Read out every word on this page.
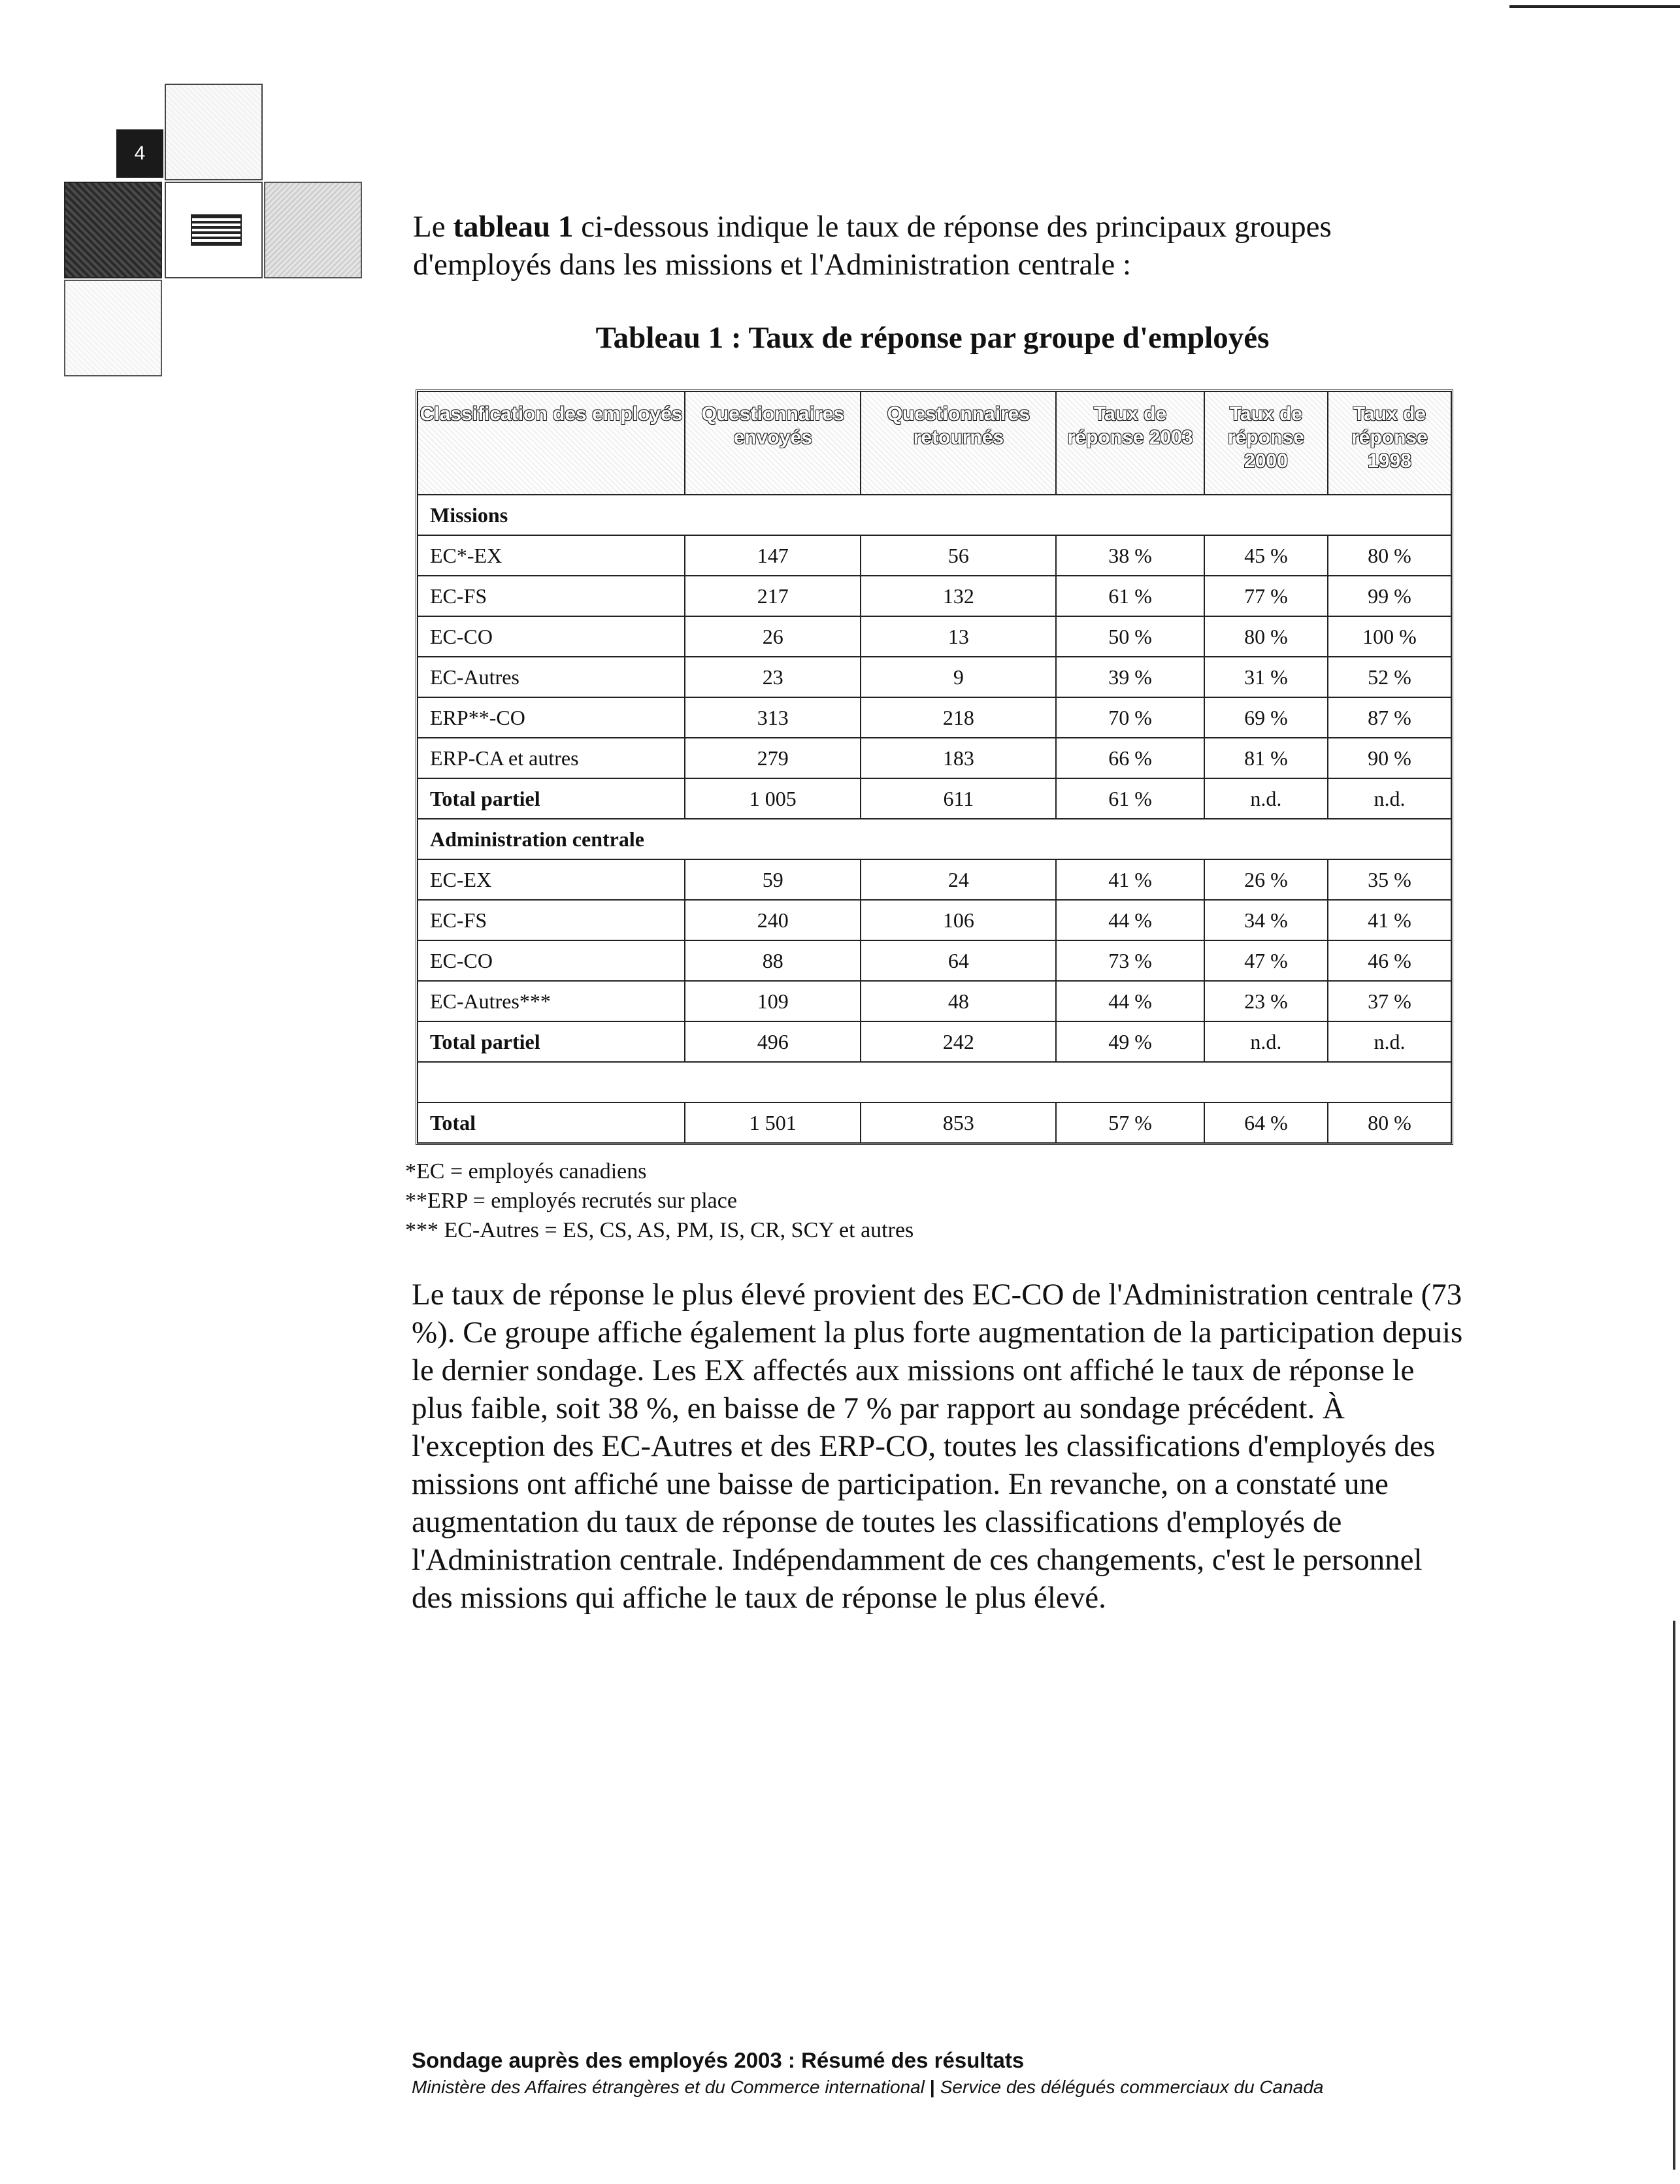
4

Le tableau 1 ci-dessous indique le taux de réponse des principaux groupes d'employés dans les missions et l'Administration centrale :

Tableau 1 : Taux de réponse par groupe d'employés

Classification des employés	Questionnaires envoyés	Questionnaires retournés	Taux de réponse 2003	Taux de réponse 2000	Taux de réponse 1998
Missions					
EC*-EX	147	56	38 %	45 %	80 %
EC-FS	217	132	61 %	77 %	99 %
EC-CO	26	13	50 %	80 %	100 %
EC-Autres	23	9	39 %	31 %	52 %
ERP**-CO	313	218	70 %	69 %	87 %
ERP-CA et autres	279	183	66 %	81 %	90 %
Total partiel	1 005	611	61 %	n.d.	n.d.
Administration centrale					
EC-EX	59	24	41 %	26 %	35 %
EC-FS	240	106	44 %	34 %	41 %
EC-CO	88	64	73 %	47 %	46 %
EC-Autres***	109	48	44 %	23 %	37 %
Total partiel	496	242	49 %	n.d.	n.d.

Total	1 501	853	57 %	64 %	80 %
*EC = employés canadiens
**ERP = employés recrutés sur place
*** EC-Autres = ES, CS, AS, PM, IS, CR, SCY et autres

Le taux de réponse le plus élevé provient des EC-CO de l'Administration centrale (73 %). Ce groupe affiche également la plus forte augmentation de la participation depuis le dernier sondage. Les EX affectés aux missions ont affiché le taux de réponse le plus faible, soit 38 %, en baisse de 7 % par rapport au sondage précédent. À l'exception des EC-Autres et des ERP-CO, toutes les classifications d'employés des missions ont affiché une baisse de participation. En revanche, on a constaté une augmentation du taux de réponse de toutes les classifications d'employés de l'Administration centrale. Indépendamment de ces changements, c'est le personnel des missions qui affiche le taux de réponse le plus élevé.

Sondage auprès des employés 2003 : Résumé des résultats
Ministère des Affaires étrangères et du Commerce international | Service des délégués commerciaux du Canada
